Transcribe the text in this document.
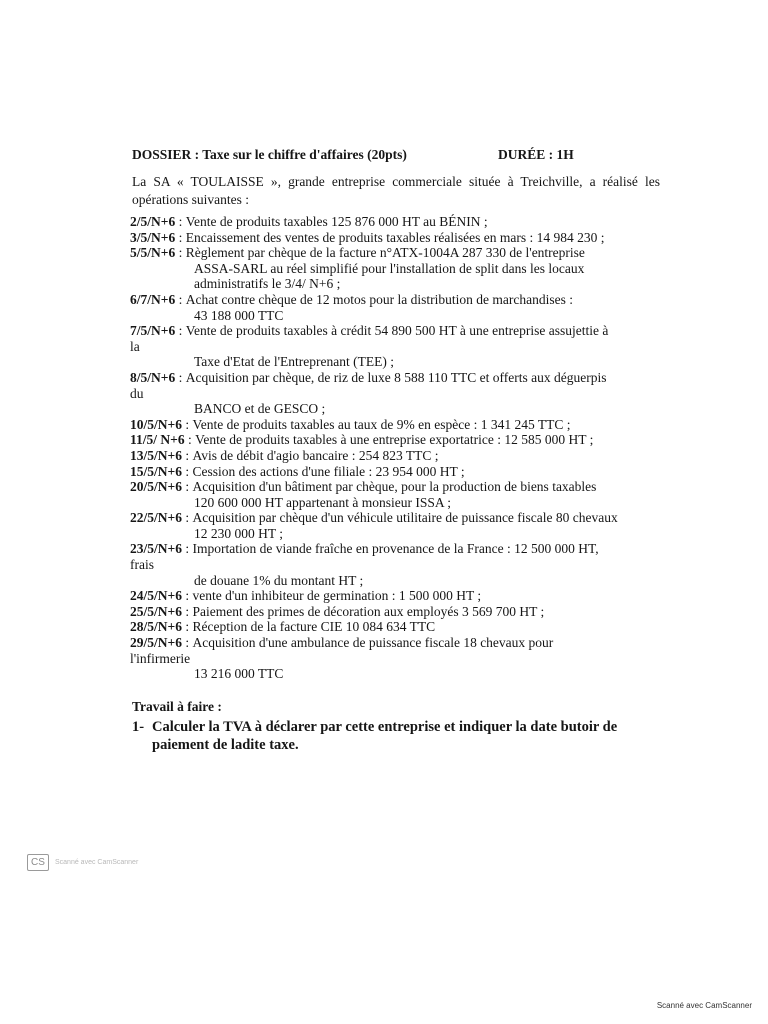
DOSSIER : Taxe sur le chiffre d'affaires (20pts)	DURÉE : 1H
La SA « TOULAISSE », grande entreprise commerciale située à Treichville, a réalisé les opérations suivantes :
2/5/N+6 : Vente de produits taxables 125 876 000 HT au BÉNIN ;
3/5/N+6 : Encaissement des ventes de produits taxables réalisées en mars : 14 984 230 ;
5/5/N+6 : Règlement par chèque de la facture n°ATX-1004A 287 330 de l'entreprise
ASSA-SARL au réel simplifié pour l'installation de split dans les locaux
administratifs le 3/4/ N+6 ;
6/7/N+6 : Achat contre chèque de 12 motos pour la distribution de marchandises :
43 188 000 TTC
7/5/N+6 : Vente de produits taxables à crédit 54 890 500 HT à une entreprise assujettie à
la
Taxe d'Etat de l'Entreprenant (TEE) ;
8/5/N+6 : Acquisition par chèque, de riz de luxe 8 588 110 TTC et offerts aux déguerpis
du
BANCO et de GESCO ;
10/5/N+6 : Vente de produits taxables au taux de 9% en espèce : 1 341 245 TTC ;
11/5/ N+6 : Vente de produits taxables à une entreprise exportatrice : 12 585 000 HT ;
13/5/N+6 : Avis de débit d'agio bancaire : 254 823 TTC ;
15/5/N+6 : Cession des actions d'une filiale : 23 954 000 HT ;
20/5/N+6 : Acquisition d'un bâtiment par chèque, pour la production de biens taxables
120 600 000 HT appartenant à monsieur ISSA ;
22/5/N+6 : Acquisition par chèque d'un véhicule utilitaire de puissance fiscale 80 chevaux
12 230 000 HT ;
23/5/N+6 : Importation de viande fraîche en provenance de la France : 12 500 000 HT,
frais
de douane 1% du montant HT ;
24/5/N+6 : vente d'un inhibiteur de germination : 1 500 000 HT ;
25/5/N+6 : Paiement des primes de décoration aux employés 3 569 700 HT ;
28/5/N+6 : Réception de la facture CIE 10 084 634 TTC
29/5/N+6 : Acquisition d'une ambulance de puissance fiscale 18 chevaux pour
l'infirmerie
13 216 000 TTC
Travail à faire :
1- Calculer la TVA à déclarer par cette entreprise et indiquer la date butoir de paiement de ladite taxe.
CS	Scanné avec CamScanner
Scanné avec CamScanner
